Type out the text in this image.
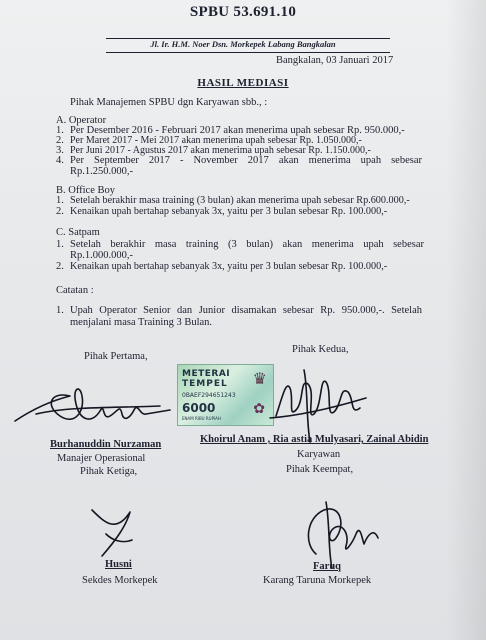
SPBU 53.691.10
Jl. Ir. H.M. Noer Dsn. Morkepek Labang Bangkalan
Bangkalan, 03 Januari 2017
HASIL MEDIASI
Pihak Manajemen SPBU dgn Karyawan sbb., :
A. Operator
1. Per Desember 2016 - Februari 2017 akan menerima upah sebesar Rp. 950.000,-
2. Per Maret 2017 - Mei 2017 akan menerima upah sebesar Rp. 1.050.000,-
3. Per Juni 2017 - Agustus 2017 akan menerima upah sebesar Rp. 1.150.000,-
4. Per September 2017 - November 2017 akan menerima upah sebesar
Rp.1.250.000,-
B. Office Boy
1. Setelah berakhir masa training (3 bulan) akan menerima upah sebesar Rp.600.000,-
2. Kenaikan upah bertahap sebanyak 3x, yaitu per 3 bulan sebesar Rp. 100.000,-
C. Satpam
1. Setelah berakhir masa training (3 bulan) akan menerima upah sebesar
Rp.1.000.000,-
2. Kenaikan upah bertahap sebanyak 3x, yaitu per 3 bulan sebesar Rp. 100.000,-
Catatan :
1. Upah Operator Senior dan Junior disamakan sebesar Rp. 950.000,-. Setelah
menjalani masa Training 3 Bulan.
Pihak Pertama,
Pihak Kedua,
METERAI
TEMPEL
0BAEF294651243
6000
ENAM RIBU RUPIAH
♛
✿
Burhanuddin Nurzaman	Khoirul Anam , Ria astia Mulyasari, Zainal Abidin
Manajer Operasional	Karyawan
Pihak Ketiga,	Pihak Keempat,
Husni	Faruq
Sekdes Morkepek	Karang Taruna Morkepek
